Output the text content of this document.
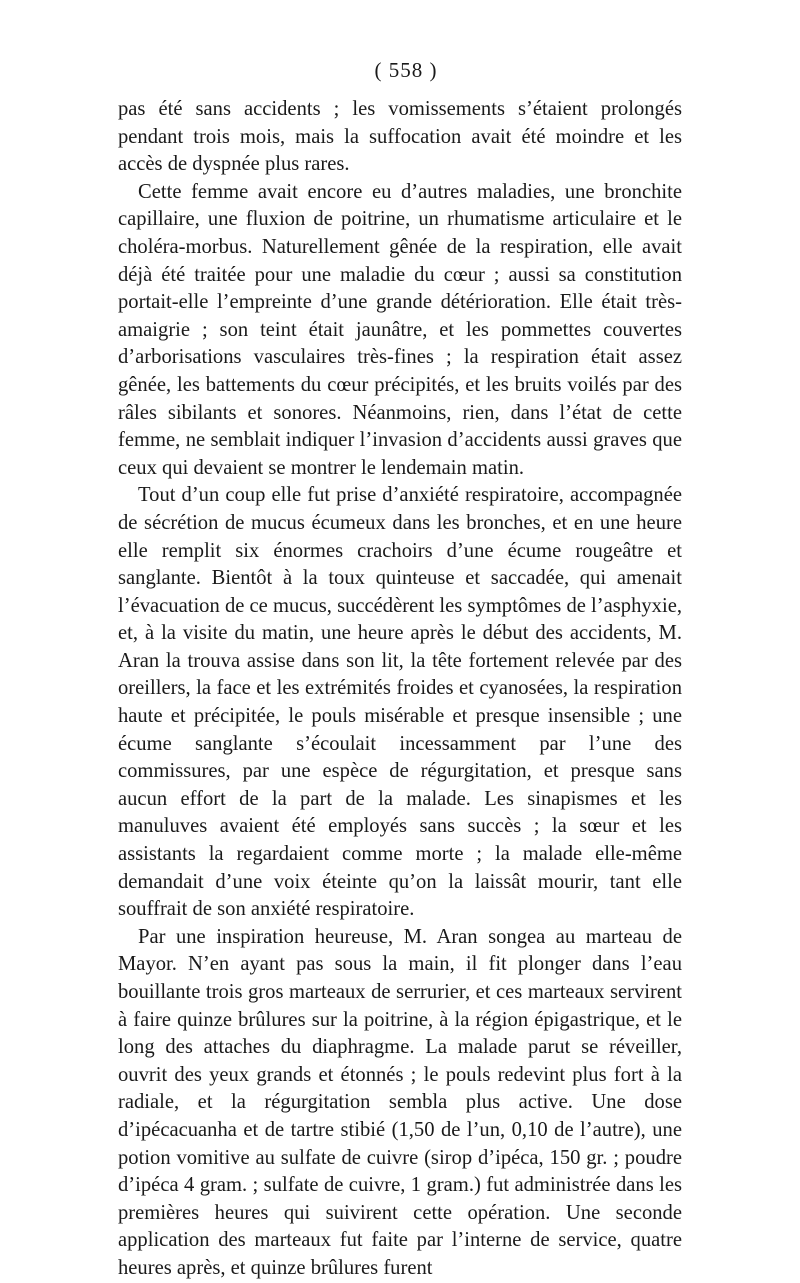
( 558 )

pas été sans accidents ; les vomissements s’étaient prolongés pendant trois mois, mais la suffocation avait été moindre et les accès de dyspnée plus rares.

Cette femme avait encore eu d’autres maladies, une bronchite capillaire, une fluxion de poitrine, un rhumatisme articulaire et le choléra-morbus. Naturellement gênée de la respiration, elle avait déjà été traitée pour une maladie du cœur ; aussi sa constitution portait-elle l’empreinte d’une grande détérioration. Elle était très-amaigrie ; son teint était jaunâtre, et les pommettes couvertes d’arborisations vasculaires très-fines ; la respiration était assez gênée, les battements du cœur précipités, et les bruits voilés par des râles sibilants et sonores. Néanmoins, rien, dans l’état de cette femme, ne semblait indiquer l’invasion d’accidents aussi graves que ceux qui devaient se montrer le lendemain matin.

Tout d’un coup elle fut prise d’anxiété respiratoire, accompagnée de sécrétion de mucus écumeux dans les bronches, et en une heure elle remplit six énormes crachoirs d’une écume rougeâtre et sanglante. Bientôt à la toux quinteuse et saccadée, qui amenait l’évacuation de ce mucus, succédèrent les symptômes de l’asphyxie, et, à la visite du matin, une heure après le début des accidents, M. Aran la trouva assise dans son lit, la tête fortement relevée par des oreillers, la face et les extrémités froides et cyanosées, la respiration haute et précipitée, le pouls misérable et presque insensible ; une écume sanglante s’écoulait incessamment par l’une des commissures, par une espèce de régurgitation, et presque sans aucun effort de la part de la malade. Les sinapismes et les manuluves avaient été employés sans succès ; la sœur et les assistants la regardaient comme morte ; la malade elle-même demandait d’une voix éteinte qu’on la laissât mourir, tant elle souffrait de son anxiété respiratoire.

Par une inspiration heureuse, M. Aran songea au marteau de Mayor. N’en ayant pas sous la main, il fit plonger dans l’eau bouillante trois gros marteaux de serrurier, et ces marteaux servirent à faire quinze brûlures sur la poitrine, à la région épigastrique, et le long des attaches du diaphragme. La malade parut se réveiller, ouvrit des yeux grands et étonnés ; le pouls redevint plus fort à la radiale, et la régurgitation sembla plus active. Une dose d’ipécacuanha et de tartre stibié (1,50 de l’un, 0,10 de l’autre), une potion vomitive au sulfate de cuivre (sirop d’ipéca, 150 gr. ; poudre d’ipéca 4 gram. ; sulfate de cuivre, 1 gram.) fut administrée dans les premières heures qui suivirent cette opération. Une seconde application des marteaux fut faite par l’interne de service, quatre heures après, et quinze brûlures furent
